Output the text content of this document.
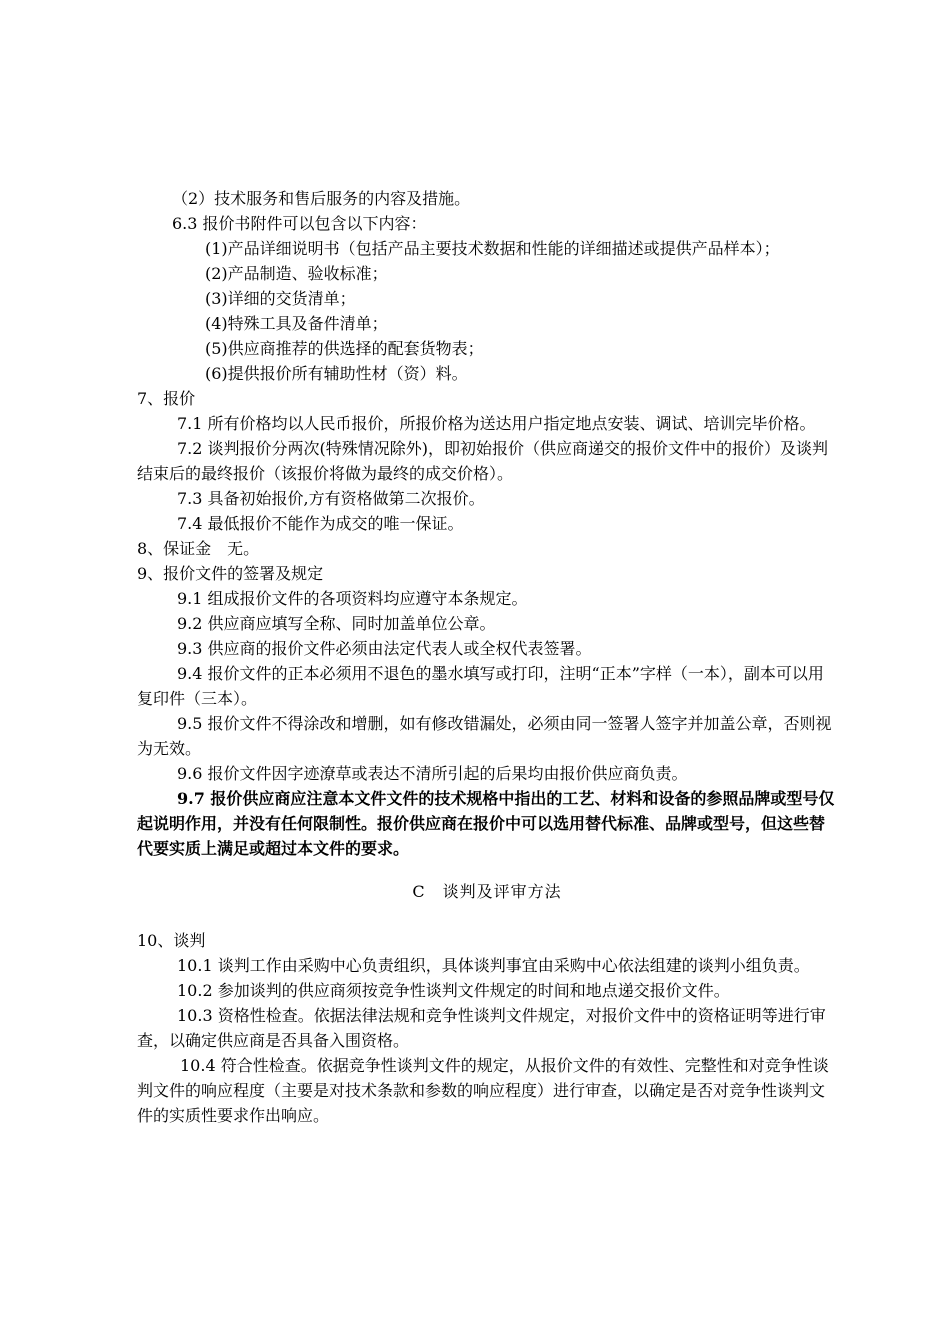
（2）技术服务和售后服务的内容及措施。

6.3 报价书附件可以包含以下内容：

(1)产品详细说明书（包括产品主要技术数据和性能的详细描述或提供产品样本）；

(2)产品制造、验收标准；

(3)详细的交货清单；

(4)特殊工具及备件清单；

(5)供应商推荐的供选择的配套货物表；

(6)提供报价所有辅助性材（资）料。

7、报价

7.1 所有价格均以人民币报价，所报价格为送达用户指定地点安装、调试、培训完毕价格。

7.2 谈判报价分两次(特殊情况除外)，即初始报价（供应商递交的报价文件中的报价）及谈判结束后的最终报价（该报价将做为最终的成交价格）。

7.3 具备初始报价,方有资格做第二次报价。

7.4 最低报价不能作为成交的唯一保证。

8、保证金　无。

9、报价文件的签署及规定

9.1 组成报价文件的各项资料均应遵守本条规定。

9.2 供应商应填写全称、同时加盖单位公章。

9.3 供应商的报价文件必须由法定代表人或全权代表签署。

9.4 报价文件的正本必须用不退色的墨水填写或打印，注明“正本”字样（一本），副本可以用复印件（三本）。

9.5 报价文件不得涂改和增删，如有修改错漏处，必须由同一签署人签字并加盖公章，否则视为无效。

9.6 报价文件因字迹潦草或表达不清所引起的后果均由报价供应商负责。

9.7 报价供应商应注意本文件文件的技术规格中指出的工艺、材料和设备的参照品牌或型号仅起说明作用，并没有任何限制性。报价供应商在报价中可以选用替代标准、品牌或型号，但这些替代要实质上满足或超过本文件的要求。

C　谈判及评审方法

10、谈判

10.1 谈判工作由采购中心负责组织，具体谈判事宜由采购中心依法组建的谈判小组负责。

10.2 参加谈判的供应商须按竞争性谈判文件规定的时间和地点递交报价文件。

10.3 资格性检查。依据法律法规和竞争性谈判文件规定，对报价文件中的资格证明等进行审查，以确定供应商是否具备入围资格。

10.4 符合性检查。依据竞争性谈判文件的规定，从报价文件的有效性、完整性和对竞争性谈判文件的响应程度（主要是对技术条款和参数的响应程度）进行审查，以确定是否对竞争性谈判文件的实质性要求作出响应。
